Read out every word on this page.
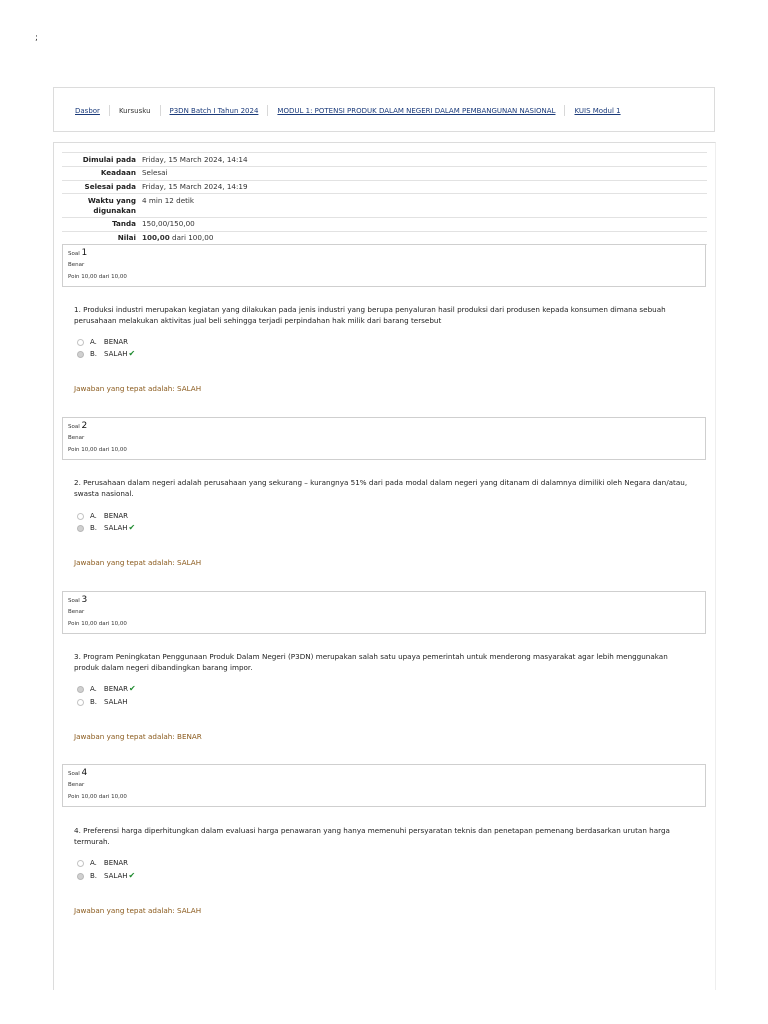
;
Dasbor	Kursusku	P3DN Batch I Tahun 2024	MODUL 1: POTENSI PRODUK DALAM NEGERI DALAM PEMBANGUNAN NASIONAL	KUIS Modul 1
Dimulai pada	Friday, 15 March 2024, 14:14
Keadaan	Selesai
Selesai pada	Friday, 15 March 2024, 14:19
Waktu yang digunakan	4 min 12 detik
Tanda	150,00/150,00
Nilai	100,00 dari 100,00
Soal 1
Benar
Poin 10,00 dari 10,00
1. Produksi industri merupakan kegiatan yang dilakukan pada jenis industri yang berupa penyaluran hasil produksi dari produsen kepada konsumen dimana sebuah perusahaan melakukan aktivitas jual beli sehingga terjadi perpindahan hak milik dari barang tersebut
A. BENAR
B. SALAH ✔
Jawaban yang tepat adalah: SALAH
Soal 2
Benar
Poin 10,00 dari 10,00
2. Perusahaan dalam negeri adalah perusahaan yang sekurang – kurangnya 51% dari pada modal dalam negeri yang ditanam di dalamnya dimiliki oleh Negara dan/atau, swasta nasional.
A. BENAR
B. SALAH ✔
Jawaban yang tepat adalah: SALAH
Soal 3
Benar
Poin 10,00 dari 10,00
3. Program Peningkatan Penggunaan Produk Dalam Negeri (P3DN) merupakan salah satu upaya pemerintah untuk menderong masyarakat agar lebih menggunakan produk dalam negeri dibandingkan barang impor.
A. BENAR ✔
B. SALAH
Jawaban yang tepat adalah: BENAR
Soal 4
Benar
Poin 10,00 dari 10,00
4. Preferensi harga diperhitungkan dalam evaluasi harga penawaran yang hanya memenuhi persyaratan teknis dan penetapan pemenang berdasarkan urutan harga termurah.
A. BENAR
B. SALAH ✔
Jawaban yang tepat adalah: SALAH
